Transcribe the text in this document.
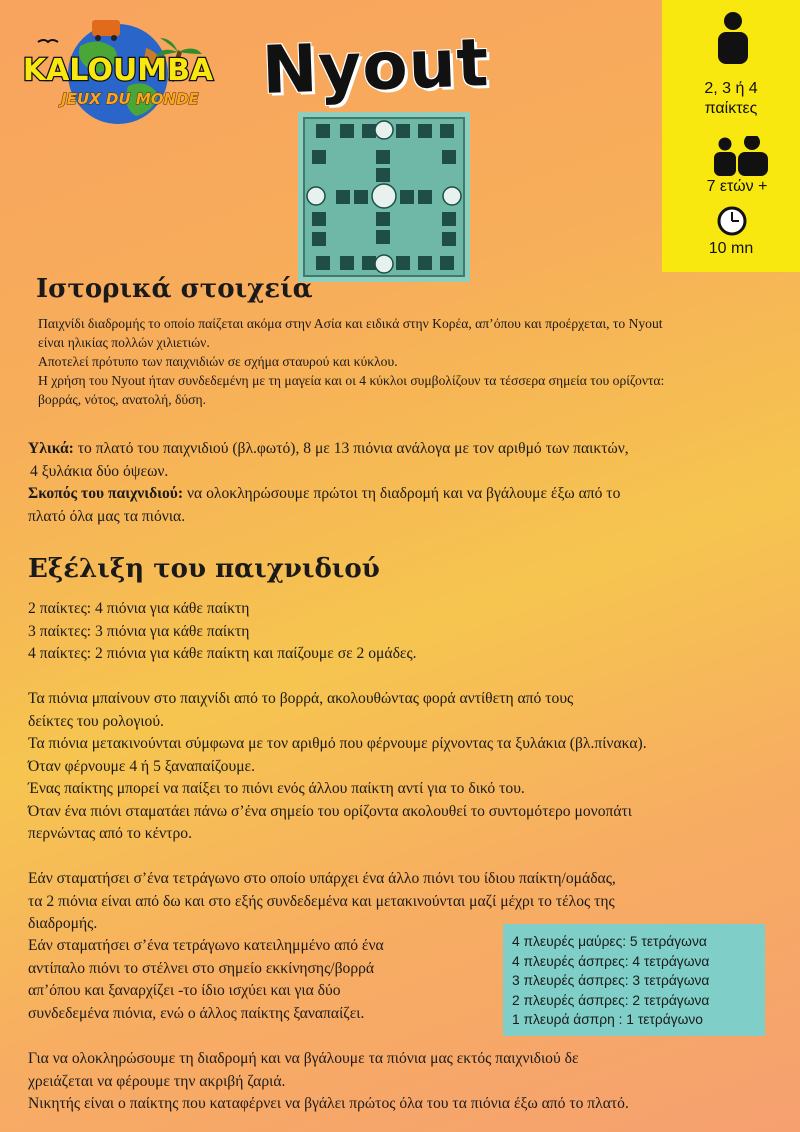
KALOUMBA
JEUX DU MONDE Nyout	2, 3 ή 4
παίκτες
7 ετών +
10 mn
Ιστορικά στοιχεία

Παιχνίδι διαδρομής το οποίο παίζεται ακόμα στην Ασία και ειδικά στην Κορέα, απ’όπου και προέρχεται, το Nyout

είναι ηλικίας πολλών χιλιετιών.

Αποτελεί πρότυπο των παιχνιδιών σε σχήμα σταυρού και κύκλου.

Η χρήση του Nyout ήταν συνδεδεμένη με τη μαγεία και οι 4 κύκλοι συμβολίζουν τα τέσσερα σημεία του ορίζοντα:

βορράς, νότος, ανατολή, δύση.

Υλικά: το πλατό του παιχνιδιού (βλ.φωτό), 8 με 13 πιόνια ανάλογα με τον αριθμό των παικτών,

4 ξυλάκια δύο όψεων.

Σκοπός του παιχνιδιού: να ολοκληρώσουμε πρώτοι τη διαδρομή και να βγάλουμε έξω από το

πλατό όλα μας τα πιόνια.

Εξέλιξη του παιχνιδιού

2 παίκτες: 4 πιόνια για κάθε παίκτη

3 παίκτες: 3 πιόνια για κάθε παίκτη

4 παίκτες: 2 πιόνια για κάθε παίκτη και παίζουμε σε 2 ομάδες.

Τα πιόνια μπαίνουν στο παιχνίδι από το βορρά, ακολουθώντας φορά αντίθετη από τους

δείκτες του ρολογιού.

Τα πιόνια μετακινούνται σύμφωνα με τον αριθμό που φέρνουμε ρίχνοντας τα ξυλάκια (βλ.πίνακα).

Όταν φέρνουμε 4 ή 5 ξαναπαίζουμε.

Ένας παίκτης μπορεί να παίξει το πιόνι ενός άλλου παίκτη αντί για το δικό του.

Όταν ένα πιόνι σταματάει πάνω σ’ένα σημείο του ορίζοντα ακολουθεί το συντομότερο μονοπάτι

περνώντας από το κέντρο.

Εάν σταματήσει σ’ένα τετράγωνο στο οποίο υπάρχει ένα άλλο πιόνι του ίδιου παίκτη/ομάδας,

τα 2 πιόνια είναι από δω και στο εξής συνδεδεμένα και μετακινούνται μαζί μέχρι το τέλος της

διαδρομής.

Εάν σταματήσει σ’ένα τετράγωνο κατειλημμένο από ένα

αντίπαλο πιόνι το στέλνει στο σημείο εκκίνησης/βορρά

απ’όπου και ξαναρχίζει -το ίδιο ισχύει και για δύο

συνδεδεμένα πιόνια, ενώ ο άλλος παίκτης ξαναπαίζει.

4 πλευρές μαύρες: 5 τετράγωνα

4 πλευρές άσπρες: 4 τετράγωνα

3 πλευρές άσπρες: 3 τετράγωνα

2 πλευρές άσπρες: 2 τετράγωνα

1 πλευρά άσπρη : 1 τετράγωνο

Για να ολοκληρώσουμε τη διαδρομή και να βγάλουμε τα πιόνια μας εκτός παιχνιδιού δε

χρειάζεται να φέρουμε την ακριβή ζαριά.

Νικητής είναι ο παίκτης που καταφέρνει να βγάλει πρώτος όλα του τα πιόνια έξω από το πλατό.
